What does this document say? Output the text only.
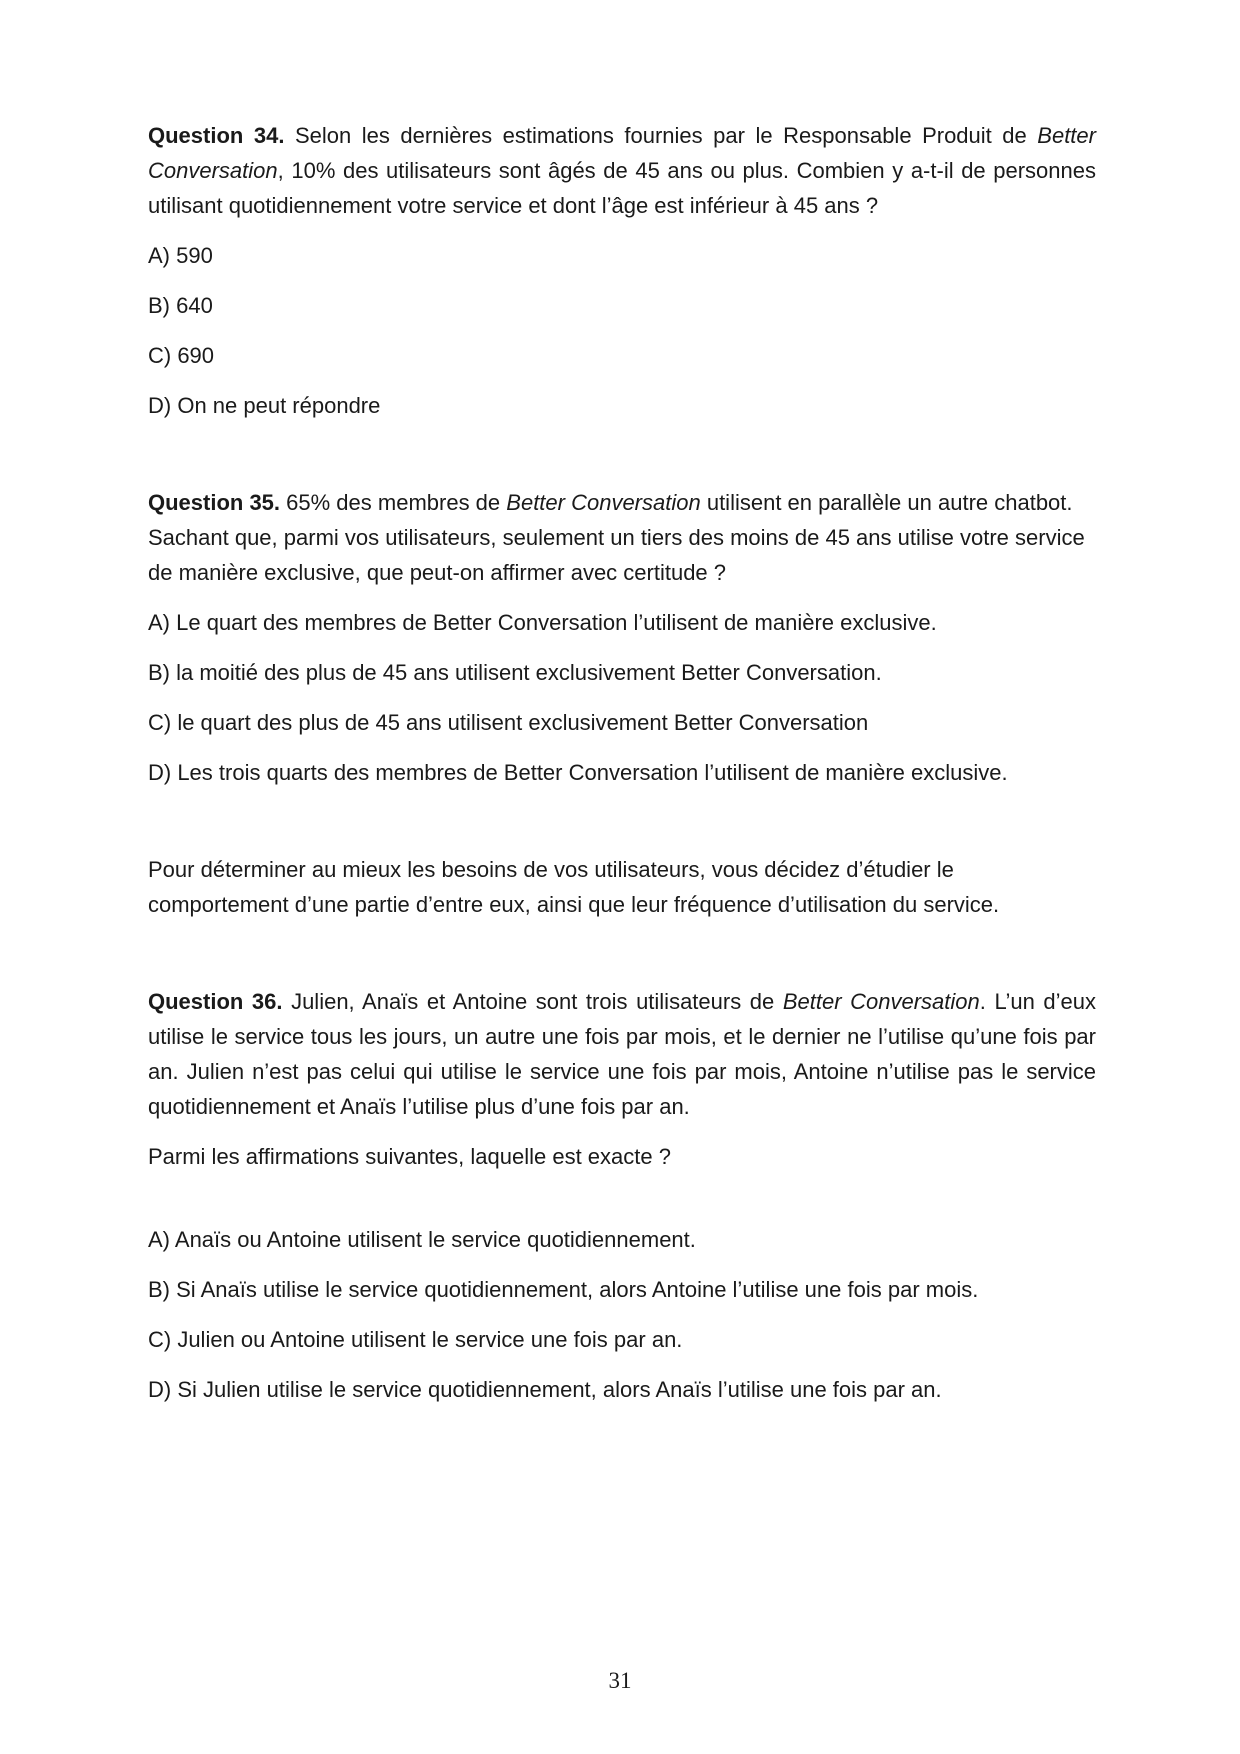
Question 34. Selon les dernières estimations fournies par le Responsable Produit de Better Conversation, 10% des utilisateurs sont âgés de 45 ans ou plus. Combien y a-t-il de personnes utilisant quotidiennement votre service et dont l’âge est inférieur à 45 ans ?

A) 590

B) 640

C) 690

D) On ne peut répondre

Question 35. 65% des membres de Better Conversation utilisent en parallèle un autre chatbot. Sachant que, parmi vos utilisateurs, seulement un tiers des moins de 45 ans utilise votre service de manière exclusive, que peut-on affirmer avec certitude ?

A) Le quart des membres de Better Conversation l’utilisent de manière exclusive.

B) la moitié des plus de 45 ans utilisent exclusivement Better Conversation.

C) le quart des plus de 45 ans utilisent exclusivement Better Conversation

D) Les trois quarts des membres de Better Conversation l’utilisent de manière exclusive.

Pour déterminer au mieux les besoins de vos utilisateurs, vous décidez d’étudier le comportement d’une partie d’entre eux, ainsi que leur fréquence d’utilisation du service.

Question 36. Julien, Anaïs et Antoine sont trois utilisateurs de Better Conversation. L’un d’eux utilise le service tous les jours, un autre une fois par mois, et le dernier ne l’utilise qu’une fois par an. Julien n’est pas celui qui utilise le service une fois par mois, Antoine n’utilise pas le service quotidiennement et Anaïs l’utilise plus d’une fois par an.

Parmi les affirmations suivantes, laquelle est exacte ?

A) Anaïs ou Antoine utilisent le service quotidiennement.

B) Si Anaïs utilise le service quotidiennement, alors Antoine l’utilise une fois par mois.

C) Julien ou Antoine utilisent le service une fois par an.

D) Si Julien utilise le service quotidiennement, alors Anaïs l’utilise une fois par an.

31
